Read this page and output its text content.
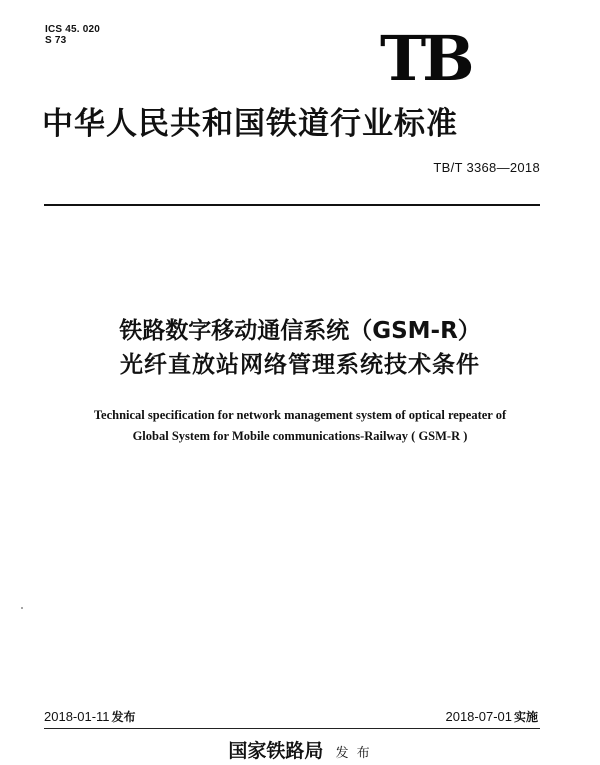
ICS 45. 020
S 73	TB
中华人民共和国铁道行业标准
TB/T 3368—2018
铁路数字移动通信系统（GSM-R）
光纤直放站网络管理系统技术条件
Technical specification for network management system of optical repeater of
Global System for Mobile communications-Railway ( GSM-R )
2018-01-11 发布	2018-07-01 实施
国家铁路局 发 布
